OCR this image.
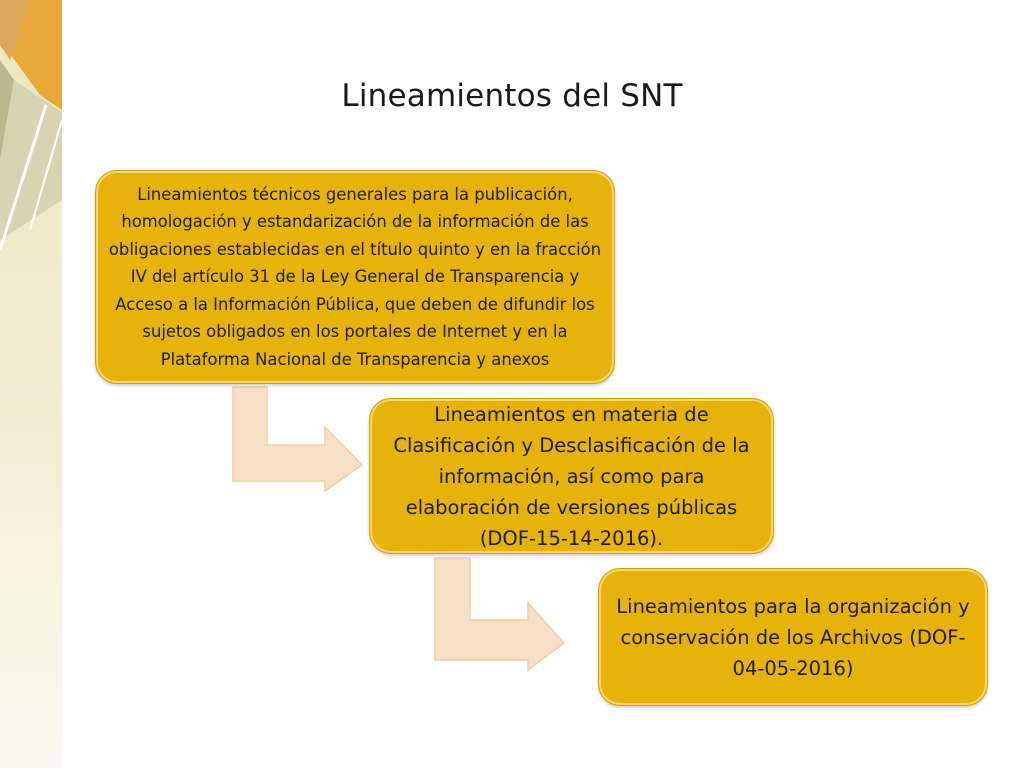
Lineamientos del SNT
Lineamientos técnicos generales para la publicación, homologación y estandarización de la información de las obligaciones establecidas en el título quinto y en la fracción IV del artículo 31 de la Ley General de Transparencia y Acceso a la Información Pública, que deben de difundir los sujetos obligados en los portales de Internet y en la Plataforma Nacional de Transparencia y anexos
Lineamientos en materia de Clasificación y Desclasificación de la información, así como para elaboración de versiones públicas (DOF-15-14-2016).
Lineamientos para la organización y conservación de los Archivos (DOF-04-05-2016)
